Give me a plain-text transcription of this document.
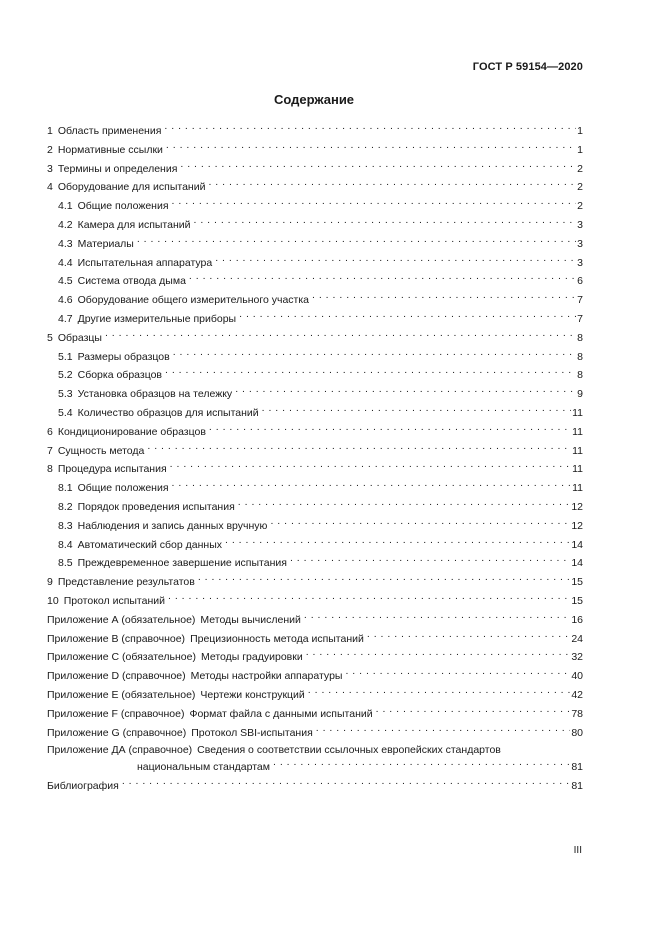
ГОСТ Р 59154—2020
Содержание
1 Область применения . . .	1
2 Нормативные ссылки . . .	1
3 Термины и определения . . .	2
4 Оборудование для испытаний . . .	2
4.1 Общие положения . . .	2
4.2 Камера для испытаний . . .	3
4.3 Материалы . . .	3
4.4 Испытательная аппаратура . . .	3
4.5 Система отвода дыма . . .	6
4.6 Оборудование общего измерительного участка . . .	7
4.7 Другие измерительные приборы . . .	7
5 Образцы . . .	8
5.1 Размеры образцов . . .	8
5.2 Сборка образцов . . .	8
5.3 Установка образцов на тележку . . .	9
5.4 Количество образцов для испытаний . . .	11
6 Кондиционирование образцов . . .	11
7 Сущность метода . . .	11
8 Процедура испытания . . .	11
8.1 Общие положения . . .	11
8.2 Порядок проведения испытания . . .	12
8.3 Наблюдения и запись данных вручную . . .	12
8.4 Автоматический сбор данных . . .	14
8.5 Преждевременное завершение испытания . . .	14
9 Представление результатов . . .	15
10 Протокол испытаний . . .	15
Приложение А (обязательное) Методы вычислений . . .	16
Приложение В (справочное) Прецизионность метода испытаний . . .	24
Приложение С (обязательное) Методы градуировки . . .	32
Приложение D (справочное) Методы настройки аппаратуры . . .	40
Приложение Е (обязательное) Чертежи конструкций . . .	42
Приложение F (справочное) Формат файла с данными испытаний . . .	78
Приложение G (справочное) Протокол SBI-испытания . . .	80
Приложение ДА (справочное) Сведения о соответствии ссылочных европейских стандартов
национальным стандартам . . .	81
Библиография . . .	81
III
